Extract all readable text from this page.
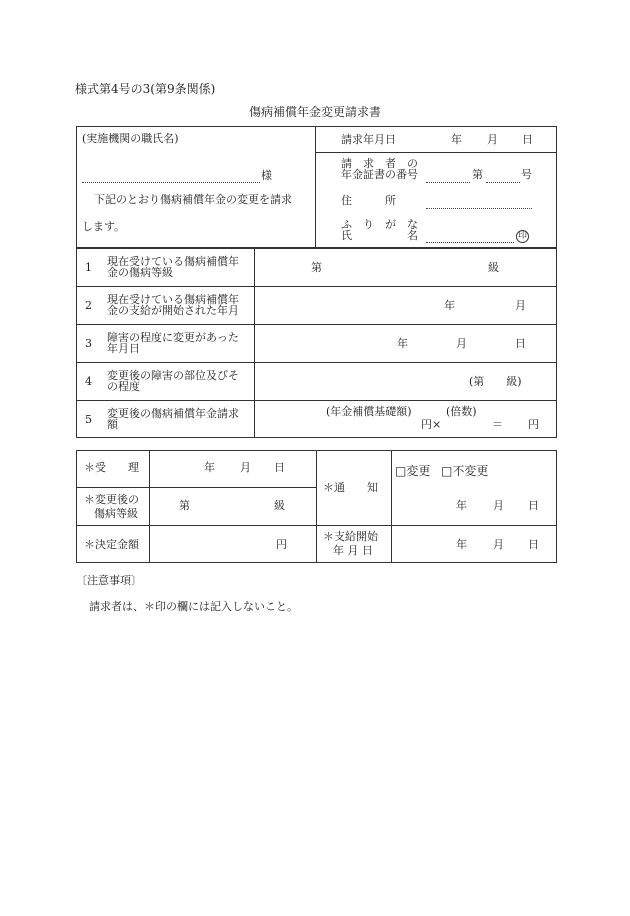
様式第4号の3(第9条関係)
傷病補償年金変更請求書
(実施機関の職氏名)
様
下記のとおり傷病補償年金の変更を請求
します。
請求年月日	年 月 日
請　求　者　の
年金証書の番号	第	号
住　　　所
ふ　り　が　な
氏　　　　　名	印
1 現在受けている傷病補償年
金の傷病等級	第	級
2 現在受けている傷病補償年
金の支給が開始された年月	年	月
3 障害の程度に変更があった
年月日	年	月	日
4 変更後の障害の部位及びそ
の程度	(第　　級)
5 変更後の傷病補償年金請求
額
(年金補償基礎額)	(倍数)
円×	＝ 円
＊受　　理	年 月 日
＊変更後の
傷病等級
第	級
＊決定金額	円
＊通　　知
□変更 □不変更
年 月 日
＊支給開始
年 月 日	年 月 日
〔注意事項〕
請求者は、＊印の欄には記入しないこと。
